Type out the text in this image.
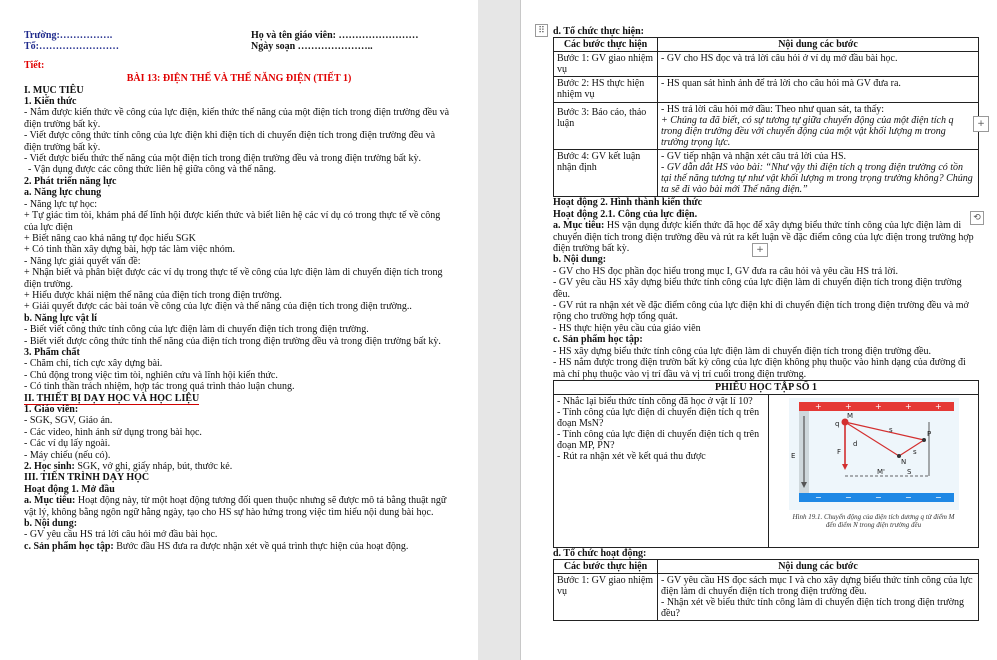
Trường:…………….
Tổ:……………………
Họ và tên giáo viên: ……………………
Ngày soạn …………………..
Tiết:
BÀI 13: ĐIỆN THẾ VÀ THẾ NĂNG ĐIỆN (TIẾT 1)
I. MỤC TIÊU
1. Kiến thức
- Nắm được kiến thức về công của lực điện, kiến thức thế năng của một điện tích trong điện trường đều và điện trường bất kỳ.
- Viết được công thức tính công của lực điện khi điện tích di chuyển điện tích trong điện trường đều và điện trường bất kỳ.
- Viết được biểu thức thế năng của một điện tích trong điện trường đều và trong điện trường bất kỳ.
- Vận dụng được các công thức liên hệ giữa công và thế năng.
2. Phát triển năng lực
a. Năng lực chung
- Năng lực tự học:
+ Tự giác tìm tòi, khám phá để lĩnh hội được kiến thức và biết liên hệ các ví dụ có trong thực tế về công của lực điện
+ Biết nâng cao khả năng tự đọc hiểu SGK
+ Có tinh thần xây dựng bài, hợp tác làm việc nhóm.
- Năng lực giải quyết vấn đề:
+ Nhận biết và phân biệt được các ví dụ trong thực tế về công của lực điện làm di chuyển điện tích trong điện trường.
+ Hiểu được khái niệm thế năng của điện tích trong điện trường.
+ Giải quyết được các bài toán về công của lực điện và thế năng của điện tích trong điện trường..
b. Năng lực vật lí
- Biết viết công thức tính công của lực điện làm di chuyển điện tích trong điện trường.
- Biết viết được công thức tính thế năng của điện tích trong điện trường đều và trong điện trường bất kỳ.
3. Phẩm chất
- Chăm chỉ, tích cực xây dựng bài.
- Chủ động trong việc tìm tòi, nghiên cứu và lĩnh hội kiến thức.
- Có tinh thần trách nhiệm, hợp tác trong quá trình thảo luận chung.
II. THIẾT BỊ DẠY HỌC VÀ HỌC LIỆU
1. Giáo viên:
- SGK, SGV, Giáo án.
- Các video, hình ảnh sử dụng trong bài học.
- Các ví dụ lấy ngoài.
- Máy chiếu (nếu có).
2. Học sinh: SGK, vở ghi, giấy nháp, bút, thước kẻ.
III. TIẾN TRÌNH DẠY HỌC
Hoạt động 1. Mở đầu
a. Mục tiêu: Hoạt động này, từ một hoạt động tương đối quen thuộc nhưng sẽ được mô tả bằng thuật ngữ vật lý, không bằng ngôn ngữ hằng ngày, tạo cho HS sự hào hứng trong việc tìm hiểu nội dung bài học.
b. Nội dung:
- GV yêu cầu HS trả lời câu hỏi mở đầu bài học.
c. Sản phẩm học tập: Bước đầu HS đưa ra được nhận xét về quá trình thực hiện của hoạt động.
⠿
+
+
⟲
d. Tổ chức thực hiện:
Các bước thực hiện	Nội dung các bước
Bước 1: GV giao nhiệm vụ	- GV cho HS đọc và trả lời câu hỏi ở ví dụ mở đầu bài học.

Bước 2: HS thực hiện nhiệm vụ	- HS quan sát hình ảnh để trả lời cho câu hỏi mà GV đưa ra.

Bước 3: Báo cáo, thảo luận	- HS trả lời câu hỏi mở đầu: Theo như quan sát, ta thấy:
+ Chúng ta đã biết, có sự tương tự giữa chuyển động của một điện tích q trong điện trường đều với chuyển động của một vật khối lượng m trong trường trọng lực.

Bước 4: GV kết luận nhận định	- GV tiếp nhận và nhận xét câu trả lời của HS.
- GV dẫn dắt HS vào bài: “Như vậy thì điện tích q trong điện trường có tồn tại thế năng tương tự như vật khối lượng m trong trọng trường không? Chúng ta sẽ đi vào bài mới Thế năng điện.”
Hoạt động 2. Hình thành kiến thức
Hoạt động 2.1. Công của lực điện.
a. Mục tiêu: HS vận dụng được kiến thức đã học để xây dựng biểu thức tính công của lực điện làm di chuyển điện tích trong điện trường đều và rút ra kết luận về đặc điểm công của lực điện trong trường hợp điện trường bất kỳ.
b. Nội dung:
- GV cho HS đọc phần đọc hiểu trong mục I, GV đưa ra câu hỏi và yêu cầu HS trả lời.
- GV yêu cầu HS xây dựng biểu thức tính công của lực điện làm di chuyển điện tích trong điện trường đều.
- GV rút ra nhận xét về đặc điểm công của lực điện khi di chuyển điện tích trong điện trường đều và mở rộng cho trường hợp tổng quát.
- HS thực hiện yêu cầu của giáo viên
c. Sản phẩm học tập:
- HS xây dựng biểu thức tính công của lực điện làm di chuyển điện tích trong điện trường đều.
- HS nắm được trong điện trườn bất kỳ công của lực điện không phụ thuộc vào hình dạng của đường đi mà chỉ phụ thuộc vào vị trí đầu và vị trí cuối trong điện trường.
PHIẾU HỌC TẬP SỐ 1

- Nhắc lại biểu thức tính công đã học ở vật lí 10?
- Tính công của lực điện di chuyển điện tích q trên đoạn MsN?
- Tính công của lực điện di chuyển điện tích q trên đoạn MP, PN?
- Rút ra nhận xét về kết quả thu được

+	+	+	+	+
−	−	−	−	−
M
q
F
d
N
P
S
M'
E
s
s
Hình 19.1. Chuyển động của điện tích dương q từ điểm M đến điểm N trong điện trường đều
d. Tổ chức hoạt động:
Các bước thực hiện	Nội dung các bước
Bước 1: GV giao nhiệm vụ	- GV yêu cầu HS đọc sách mục I và cho xây dựng biểu thức tính công của lực điện làm di chuyển điện tích trong điện trường đều.
- Nhận xét về biểu thức tính công làm di chuyển điện tích trong điện trường đều?
